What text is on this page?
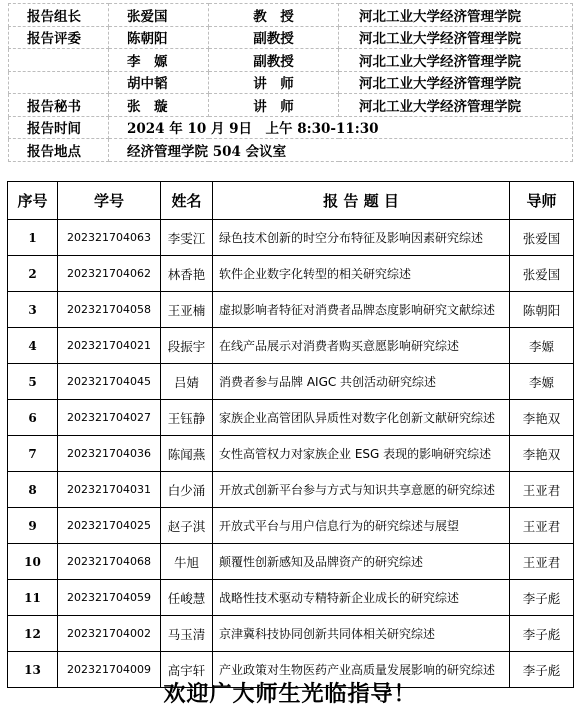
报告组长	张爱国	教　授	河北工业大学经济管理学院
报告评委	陈朝阳	副教授	河北工业大学经济管理学院
	李　嫄	副教授	河北工业大学经济管理学院
	胡中韬	讲　师	河北工业大学经济管理学院
报告秘书	张　璇	讲　师	河北工业大学经济管理学院
报告时间	2024 年 10 月 9日　上午 8:30-11:30		
报告地点	经济管理学院 504 会议室		
序号	学号	姓名	报 告 题 目	导师
1	202321704063	李雯江	绿色技术创新的时空分布特征及影响因素研究综述	张爱国
2	202321704062	林香艳	软件企业数字化转型的相关研究综述	张爱国
3	202321704058	王亚楠	虚拟影响者特征对消费者品牌态度影响研究文献综述	陈朝阳
4	202321704021	段振宇	在线产品展示对消费者购买意愿影响研究综述	李嫄
5	202321704045	吕婧	消费者参与品牌 AIGC 共创活动研究综述	李嫄
6	202321704027	王钰静	家族企业高管团队异质性对数字化创新文献研究综述	李艳双
7	202321704036	陈闻燕	女性高管权力对家族企业 ESG 表现的影响研究综述	李艳双
8	202321704031	白少涌	开放式创新平台参与方式与知识共享意愿的研究综述	王亚君
9	202321704025	赵子淇	开放式平台与用户信息行为的研究综述与展望	王亚君
10	202321704068	牛旭	颠覆性创新感知及品牌资产的研究综述	王亚君
11	202321704059	任峻慧	战略性技术驱动专精特新企业成长的研究综述	李子彪
12	202321704002	马玉清	京津冀科技协同创新共同体相关研究综述	李子彪
13	202321704009	高宇轩	产业政策对生物医药产业高质量发展影响的研究综述	李子彪
欢迎广大师生光临指导！
